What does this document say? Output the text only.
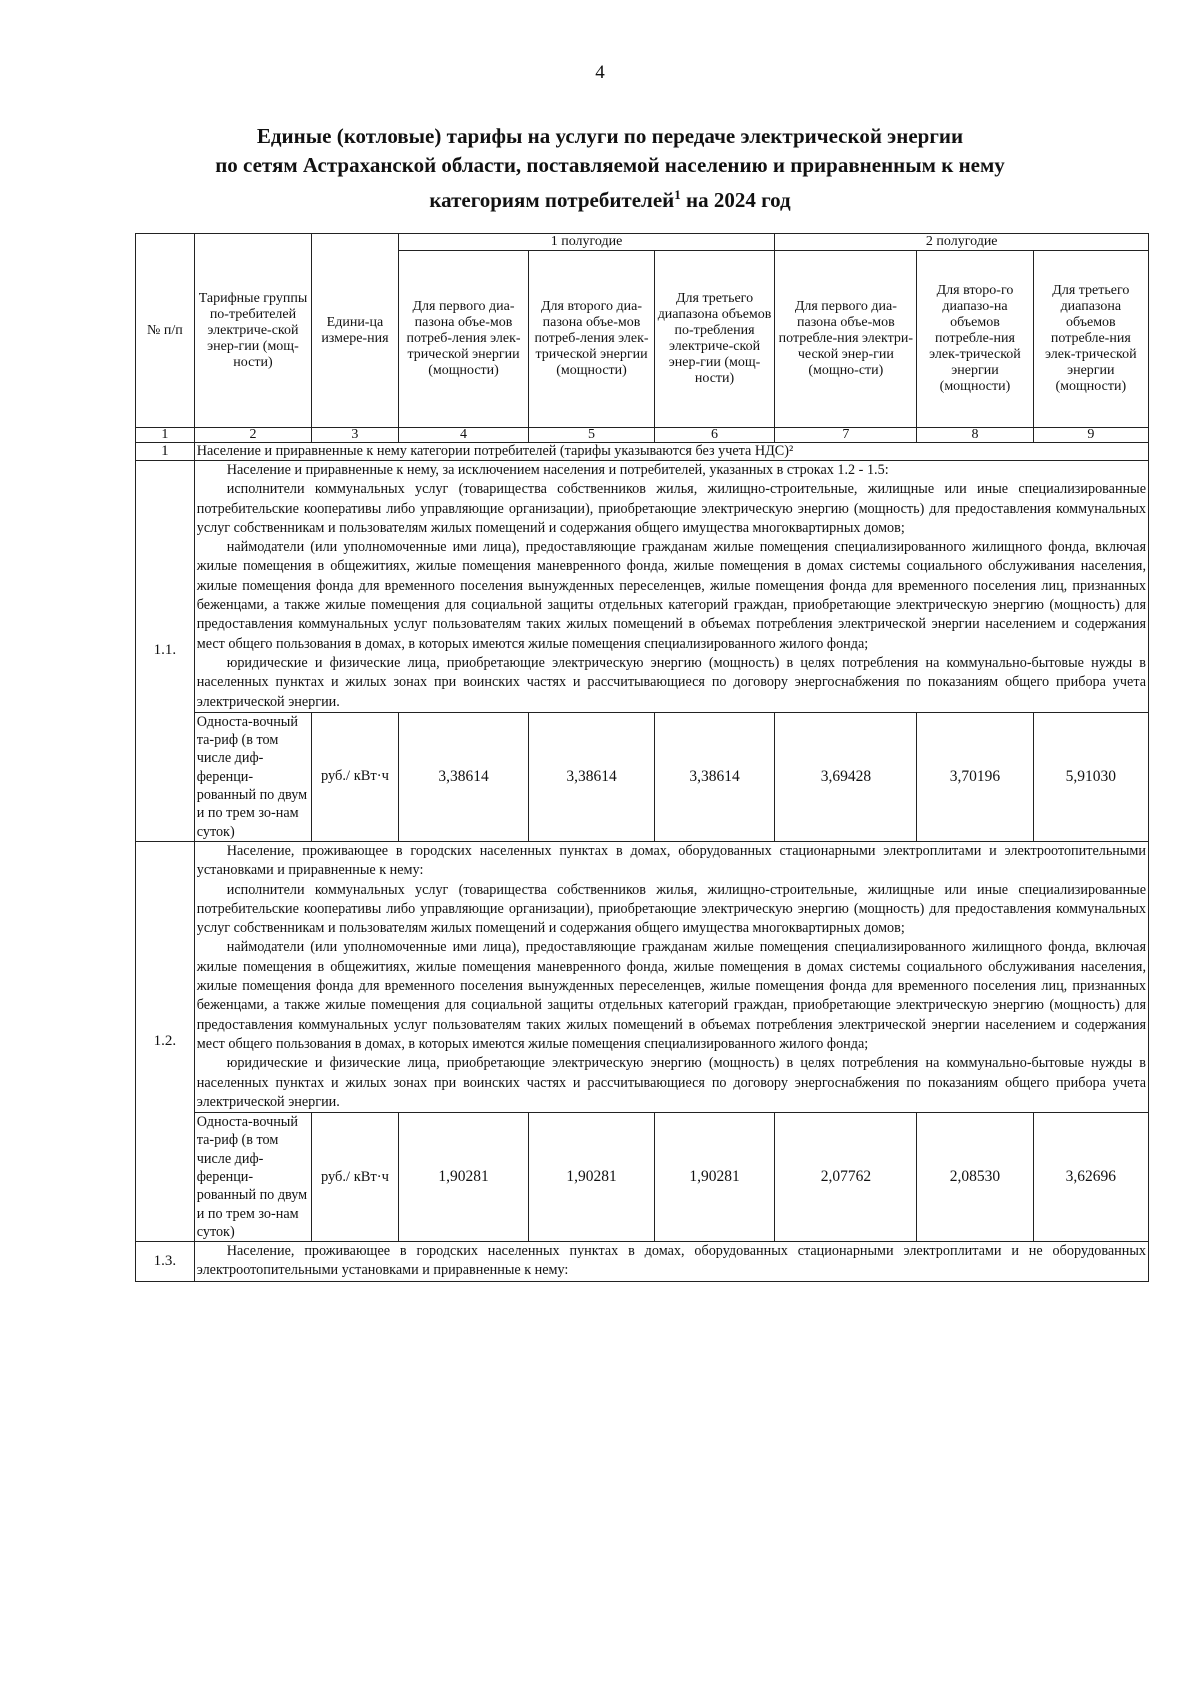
4
Единые (котловые) тарифы на услуги по передаче электрической энергии
по сетям Астраханской области, поставляемой населению и приравненным к нему
категориям потребителей$^1$ на 2024 год
№ п/п	Тарифные группы по-требителей электриче-ской энер-гии (мощ-ности)	Едини-ца измере-ния	1 полугодие			2 полугодие		
			Для первого диа-пазона объе-мов потреб-ления элек-трической энергии (мощности)	Для второго диа-пазона объе-мов потреб-ления элек-трической энергии (мощности)	Для третьего диапазона объемов по-требления электриче-ской энер-гии (мощ-ности)	Для первого диа-пазона объе-мов потребле-ния электри-ческой энер-гии (мощно-сти)	Для второ-го диапазо-на объемов потребле-ния элек-трической энергии (мощности)	Для третьего диапазона объемов потребле-ния элек-трической энергии (мощности)
1	2	3	4	5	6	7	8	9
1	Население и приравненные к нему категории потребителей (тарифы указываются без учета НДС)²							
1.1.	Население и приравненные к нему, за исключением населения и потребителей, указанных в строках 1.2 - 1.5:

исполнители коммунальных услуг (товарищества собственников жилья, жилищно-строительные, жилищные или иные специализированные потребительские кооперативы либо управляющие организации), приобретающие электрическую энергию (мощность) для предоставления коммунальных услуг собственникам и пользователям жилых помещений и содержания общего имущества многоквартирных домов;

наймодатели (или уполномоченные ими лица), предоставляющие гражданам жилые помещения специализированного жилищного фонда, включая жилые помещения в общежитиях, жилые помещения маневренного фонда, жилые помещения в домах системы социального обслуживания населения, жилые помещения фонда для временного поселения вынужденных переселенцев, жилые помещения фонда для временного поселения лиц, признанных беженцами, а также жилые помещения для социальной защиты отдельных категорий граждан, приобретающие электрическую энергию (мощность) для предоставления коммунальных услуг пользователям таких жилых помещений в объемах потребления электрической энергии населением и содержания мест общего пользования в домах, в которых имеются жилые помещения специализированного жилого фонда;

юридические и физические лица, приобретающие электрическую энергию (мощность) в целях потребления на коммунально-бытовые нужды в населенных пунктах и жилых зонах при воинских частях и рассчитывающиеся по договору энергоснабжения по показаниям общего прибора учета электрической энергии.							

	Односта-вочный та-риф (в том числе диф-ференци-рованный по двум и по трем зо-нам суток)	руб./ кВт·ч	3,38614	3,38614	3,38614	3,69428	3,70196	5,91030
1.2.	Население, проживающее в городских населенных пунктах в домах, оборудованных стационарными электроплитами и электроотопительными установками и приравненные к нему:

исполнители коммунальных услуг (товарищества собственников жилья, жилищно-строительные, жилищные или иные специализированные потребительские кооперативы либо управляющие организации), приобретающие электрическую энергию (мощность) для предоставления коммунальных услуг собственникам и пользователям жилых помещений и содержания общего имущества многоквартирных домов;

наймодатели (или уполномоченные ими лица), предоставляющие гражданам жилые помещения специализированного жилищного фонда, включая жилые помещения в общежитиях, жилые помещения маневренного фонда, жилые помещения в домах системы социального обслуживания населения, жилые помещения фонда для временного поселения вынужденных переселенцев, жилые помещения фонда для временного поселения лиц, признанных беженцами, а также жилые помещения для социальной защиты отдельных категорий граждан, приобретающие электрическую энергию (мощность) для предоставления коммунальных услуг пользователям таких жилых помещений в объемах потребления электрической энергии населением и содержания мест общего пользования в домах, в которых имеются жилые помещения специализированного жилого фонда;

юридические и физические лица, приобретающие электрическую энергию (мощность) в целях потребления на коммунально-бытовые нужды в населенных пунктах и жилых зонах при воинских частях и рассчитывающиеся по договору энергоснабжения по показаниям общего прибора учета электрической энергии.							

	Односта-вочный та-риф (в том числе диф-ференци-рованный по двум и по трем зо-нам суток)	руб./ кВт·ч	1,90281	1,90281	1,90281	2,07762	2,08530	3,62696
1.3.	Население, проживающее в городских населенных пунктах в домах, оборудованных стационарными электроплитами и не оборудованных электроотопительными установками и приравненные к нему:							
